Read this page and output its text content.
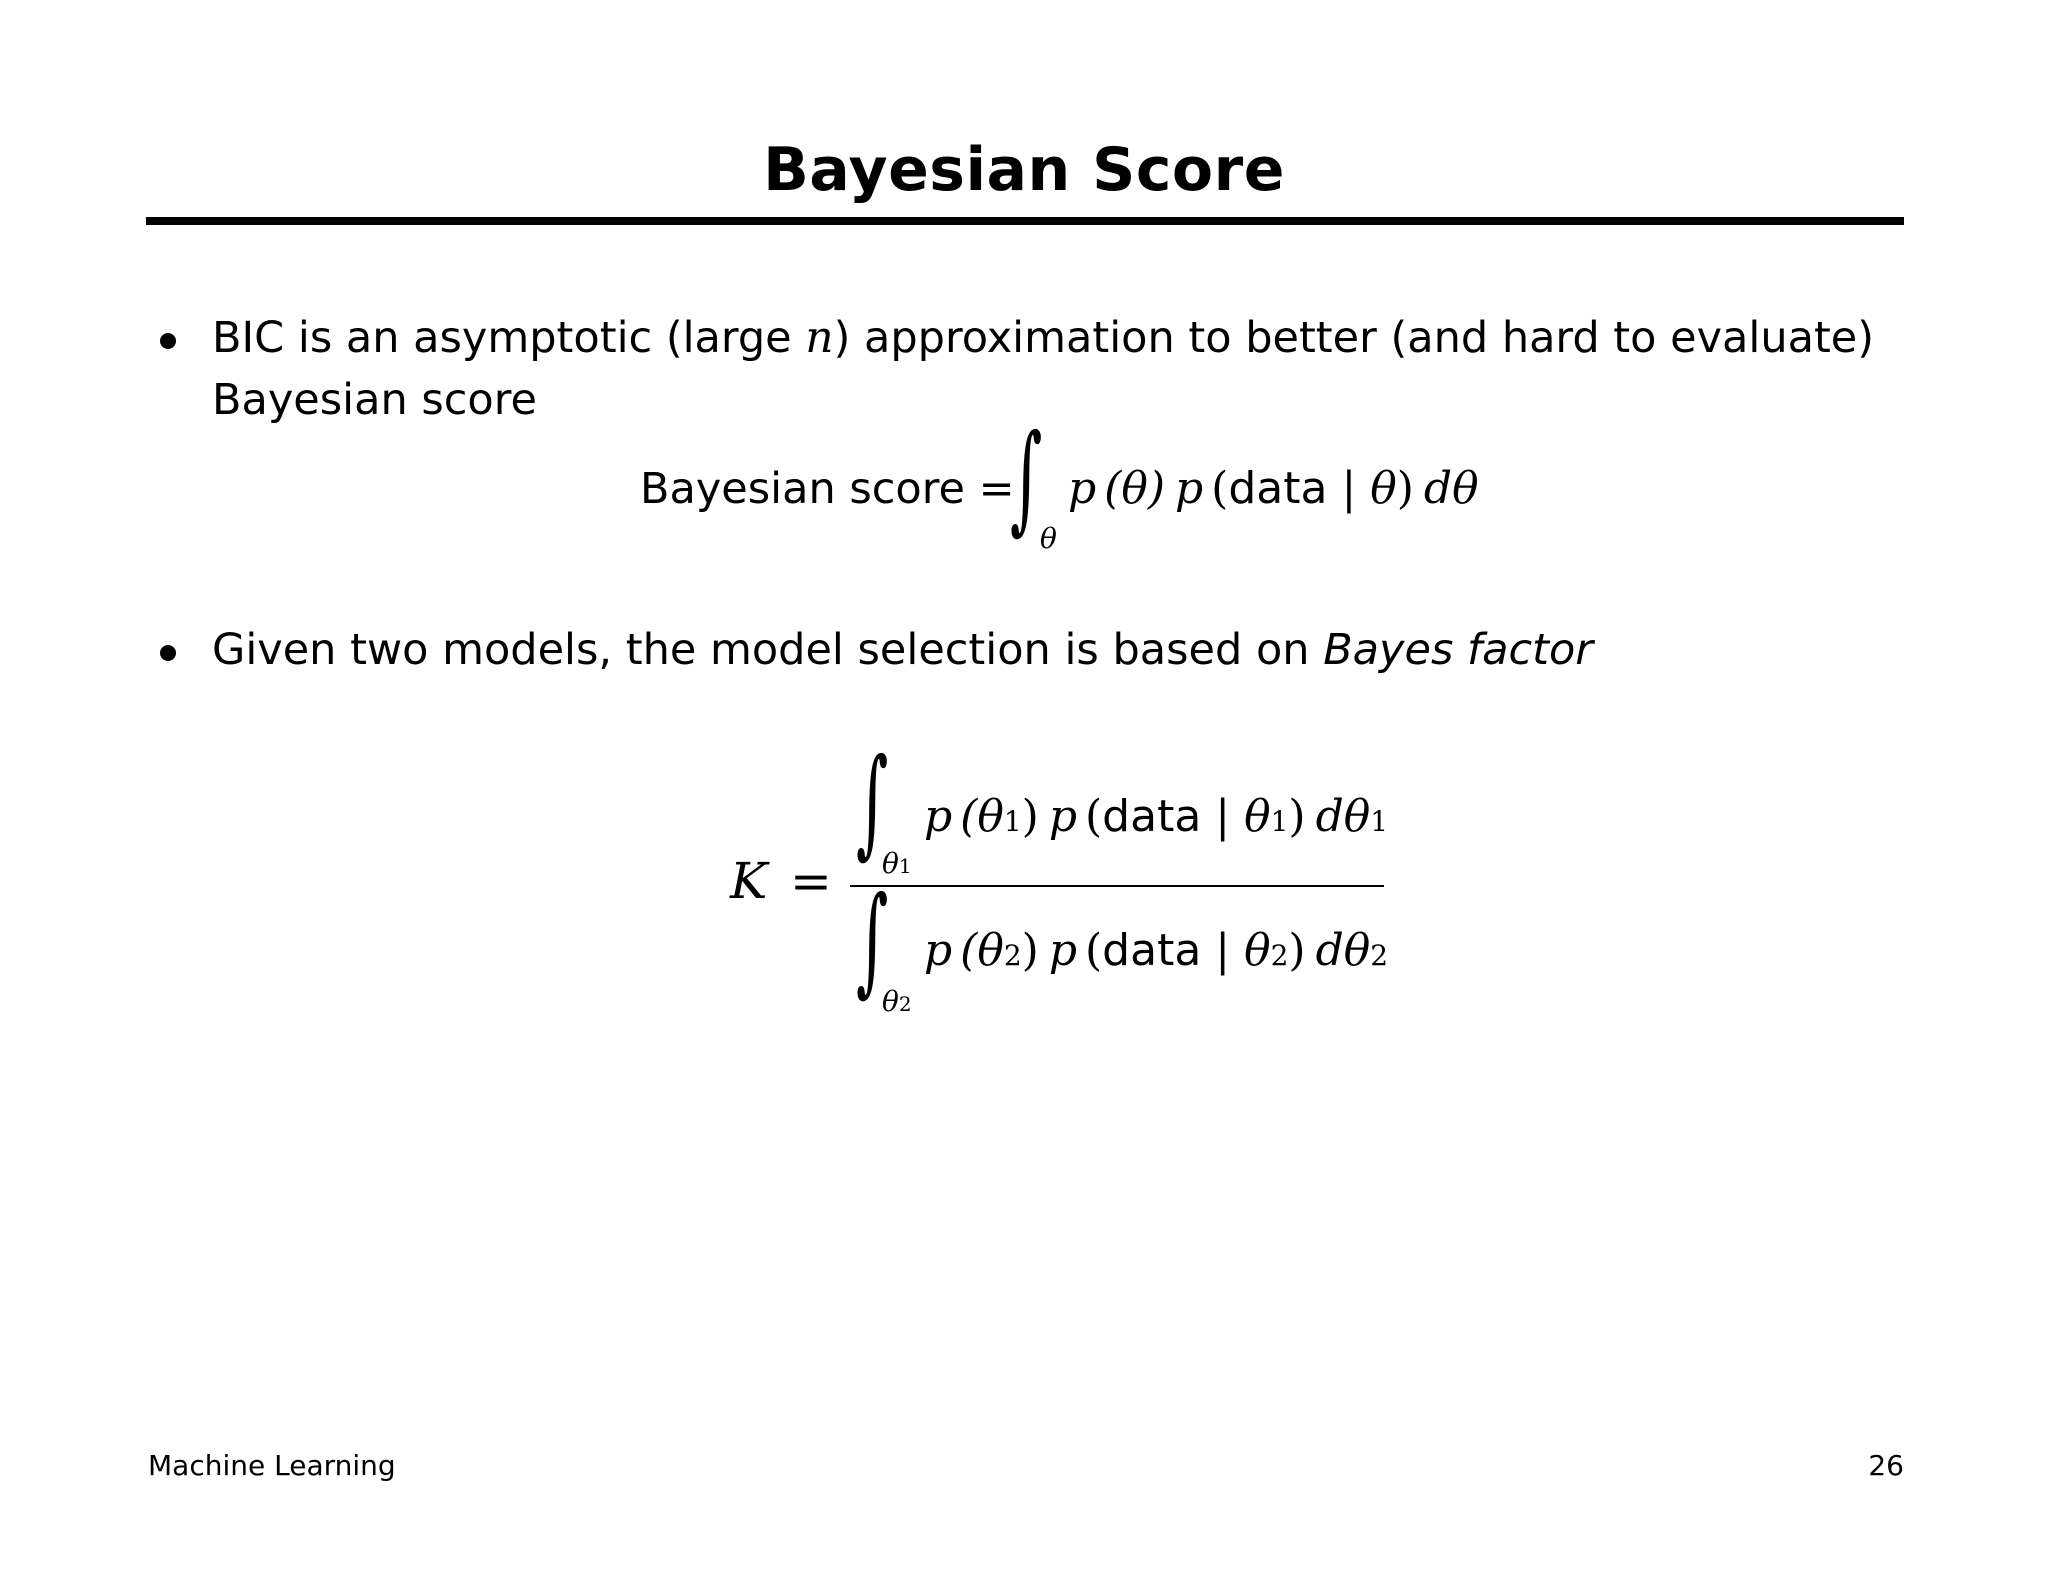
Bayesian Score
BIC is an asymptotic (large n) approximation to better (and hard to evaluate)
Bayesian score
Bayesian score =
∫
θ
p (θ) p (data | θ) dθ
Given two models, the model selection is based on Bayes factor
K =
∫
θ1
p (θ1) p (data | θ1) dθ1
∫
θ2
p (θ2) p (data | θ2) dθ2
Machine Learning	26
